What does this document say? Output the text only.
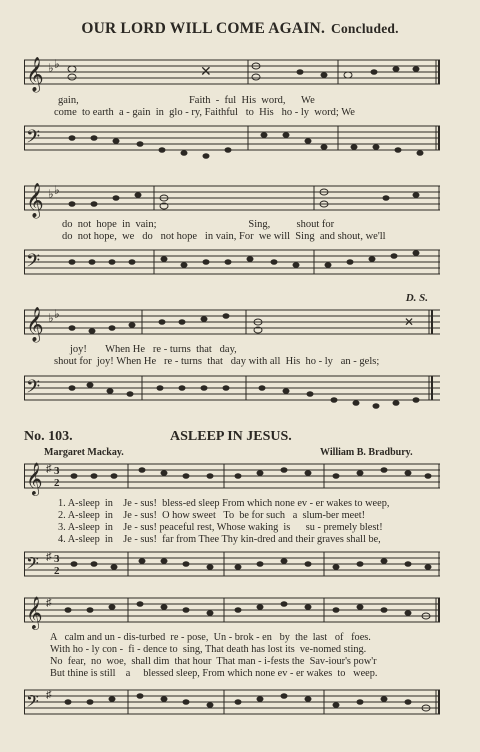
OUR LORD WILL COME AGAIN. Concluded.
𝄞 ♭ ♭
✕
gain,                                          Faith  -  ful  His  word,      We
come  to earth  a - gain  in  glo - ry, Faithful   to  His   ho - ly  word; We
𝄢
𝄞 ♭ ♭
do  not  hope  in  vain;                                   Sing,          shout for
do  not hope,  we   do   not hope   in vain, For  we will  Sing  and shout, we'll
𝄢
D. S.
𝄞 ♭ ♭
✕
joy!       When He   re - turns  that   day,
shout for  joy! When He   re - turns  that   day with all  His  ho - ly   an - gels;
𝄢
No. 103.	ASLEEP IN JESUS.
Margaret Mackay.	William B. Bradbury.
𝄞 ♯ 3
2
1. A-sleep  in    Je - sus!  bless-ed sleep From which none ev - er wakes to weep,
2. A-sleep  in    Je - sus!  O how sweet   To  be for such   a  slum-ber meet!
3. A-sleep  in    Je - sus! peaceful rest, Whose waking  is      su - premely blest!
4. A-sleep  in    Je - sus!  far from Thee Thy kin-dred and their graves shall be,
𝄢 ♯ 3
2
𝄞 ♯
A   calm and un - dis-turbed  re - pose,  Un - brok - en   by  the  last   of   foes.
With ho - ly con -  fi - dence to  sing, That death has lost its  ve-nomed sting.
No  fear,  no  woe,  shall dim  that hour  That man - i-fests the  Sav-iour's pow'r
But thine is still    a     blessed sleep, From which none ev - er wakes  to   weep.
𝄢 ♯
